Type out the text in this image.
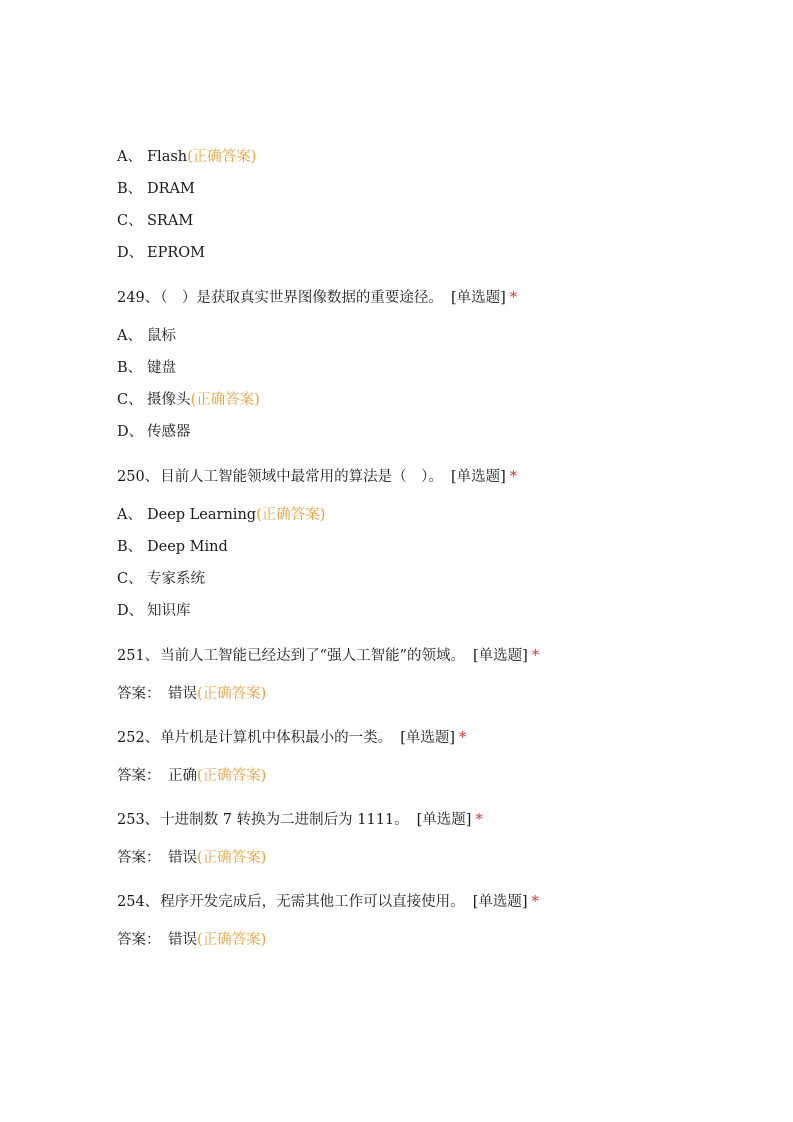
A、 Flash(正确答案)
B、 DRAM
C、 SRAM
D、 EPROM
249、（　）是获取真实世界图像数据的重要途径。 [单选题] *
A、 鼠标
B、 键盘
C、 摄像头(正确答案)
D、 传感器
250、目前人工智能领域中最常用的算法是（　）。 [单选题] *
A、 Deep Learning(正确答案)
B、 Deep Mind
C、 专家系统
D、 知识库
251、当前人工智能已经达到了“强人工智能”的领域。 [单选题] *
答案： 错误(正确答案)
252、单片机是计算机中体积最小的一类。 [单选题] *
答案： 正确(正确答案)
253、十进制数 7 转换为二进制后为 1111。 [单选题] *
答案： 错误(正确答案)
254、程序开发完成后，无需其他工作可以直接使用。 [单选题] *
答案： 错误(正确答案)
